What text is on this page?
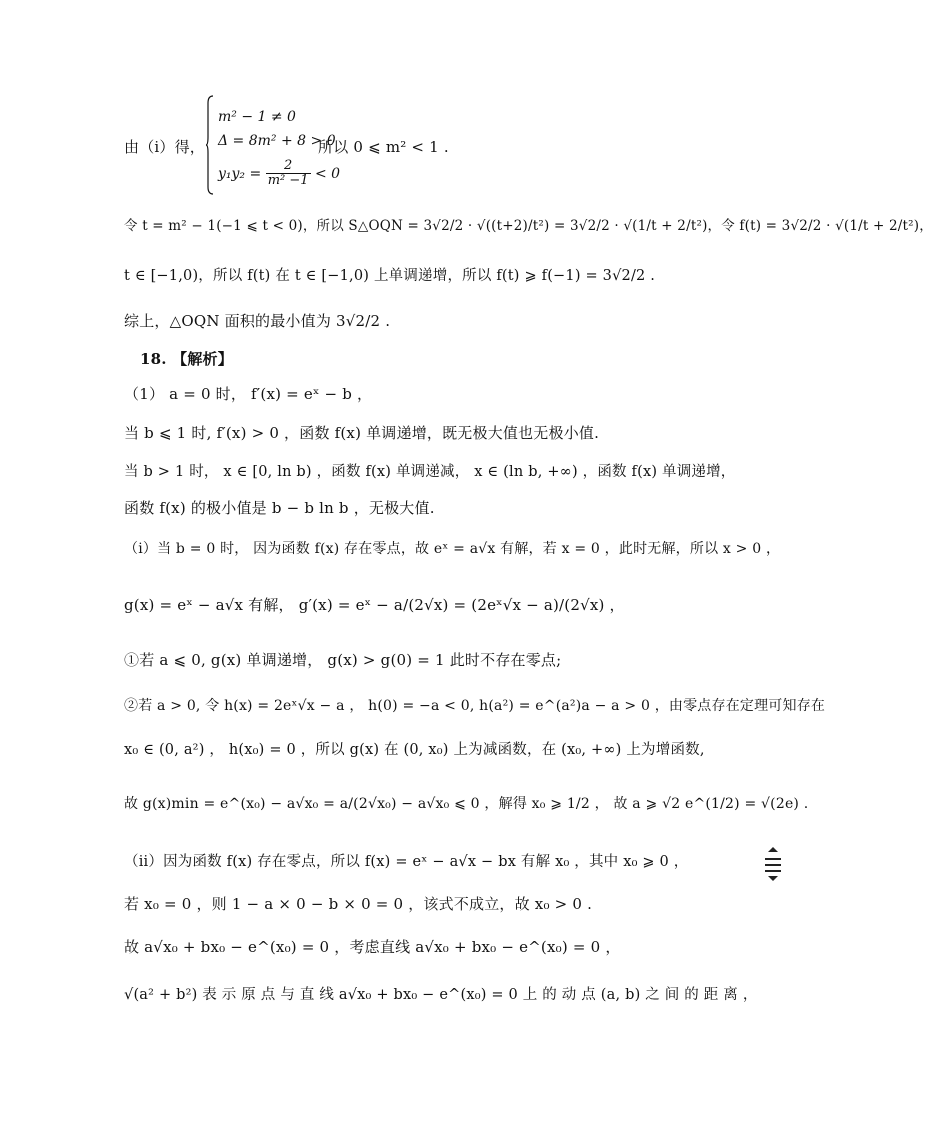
由（i）得，
m² − 1 ≠ 0
Δ = 8m² + 8 > 0
$y_1y_2 = \frac{2}{\text{m² −1}} < 0$
所以 0 ⩽ m² < 1 .
令 t = m² − 1(−1 ⩽ t < 0)，所以 S△OQN = 3√2/2 · √((t+2)/t²) = 3√2/2 · √(1/t + 2/t²)，令 f(t) = 3√2/2 · √(1/t + 2/t²)，
t ∈ [−1,0)，所以 f(t) 在 t ∈ [−1,0) 上单调递增，所以 f(t) ⩾ f(−1) = 3√2/2 .
综上，△OQN 面积的最小值为 3√2/2 .
18. 【解析】
（1） a = 0 时， f′(x) = eˣ − b ，
当 b ⩽ 1 时, f′(x) > 0 ，函数 f(x) 单调递增，既无极大值也无极小值.
当 b > 1 时， x ∈ [0, ln b) ，函数 f(x) 单调递减， x ∈ (ln b, +∞) ，函数 f(x) 单调递增，
函数 f(x) 的极小值是 b − b ln b ，无极大值.
（i）当 b = 0 时， 因为函数 f(x) 存在零点，故 eˣ = a√x 有解，若 x = 0 ，此时无解，所以 x > 0 ，
g(x) = eˣ − a√x 有解， g′(x) = eˣ − a/(2√x) = (2eˣ√x − a)/(2√x) ，
①若 a ⩽ 0, g(x) 单调递增， g(x) > g(0) = 1 此时不存在零点;
②若 a > 0, 令 h(x) = 2eˣ√x − a ， h(0) = −a < 0, h(a²) = e^(a²)a − a > 0 ，由零点存在定理可知存在
x₀ ∈ (0, a²) ， h(x₀) = 0 ，所以 g(x) 在 (0, x₀) 上为减函数，在 (x₀, +∞) 上为增函数,
故 g(x)min = e^(x₀) − a√x₀ = a/(2√x₀) − a√x₀ ⩽ 0 ，解得 x₀ ⩾ 1/2 ， 故 a ⩾ √2 e^(1/2) = √(2e) .
（ii）因为函数 f(x) 存在零点，所以 f(x) = eˣ − a√x − bx 有解 x₀ ，其中 x₀ ⩾ 0 ，
若 x₀ = 0 ，则 1 − a × 0 − b × 0 = 0 ，该式不成立，故 x₀ > 0 .
故 a√x₀ + bx₀ − e^(x₀) = 0 ，考虑直线 a√x₀ + bx₀ − e^(x₀) = 0 ，
√(a² + b²) 表 示 原 点 与 直 线 a√x₀ + bx₀ − e^(x₀) = 0 上 的 动 点 (a, b) 之 间 的 距 离 ，
